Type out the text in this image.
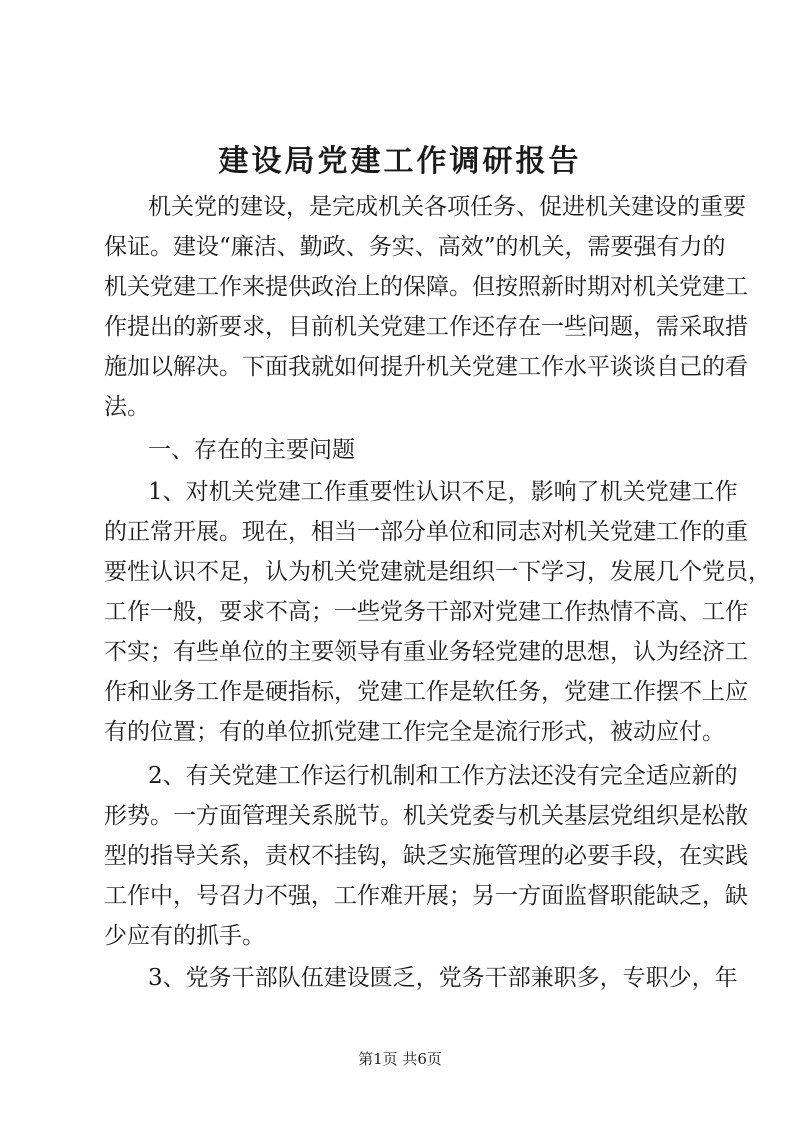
建设局党建工作调研报告
机关党的建设，是完成机关各项任务、促进机关建设的重要
保证。建设“廉洁、勤政、务实、高效”的机关，需要强有力的
机关党建工作来提供政治上的保障。但按照新时期对机关党建工
作提出的新要求，目前机关党建工作还存在一些问题，需采取措
施加以解决。下面我就如何提升机关党建工作水平谈谈自己的看
法。
一、存在的主要问题
1、对机关党建工作重要性认识不足，影响了机关党建工作
的正常开展。现在，相当一部分单位和同志对机关党建工作的重
要性认识不足，认为机关党建就是组织一下学习，发展几个党员，
工作一般，要求不高；一些党务干部对党建工作热情不高、工作
不实；有些单位的主要领导有重业务轻党建的思想，认为经济工
作和业务工作是硬指标，党建工作是软任务，党建工作摆不上应
有的位置；有的单位抓党建工作完全是流行形式，被动应付。
2、有关党建工作运行机制和工作方法还没有完全适应新的
形势。一方面管理关系脱节。机关党委与机关基层党组织是松散
型的指导关系，责权不挂钩，缺乏实施管理的必要手段，在实践
工作中，号召力不强，工作难开展；另一方面监督职能缺乏，缺
少应有的抓手。
3、党务干部队伍建设匮乏，党务干部兼职多，专职少，年
第1页 共6页
